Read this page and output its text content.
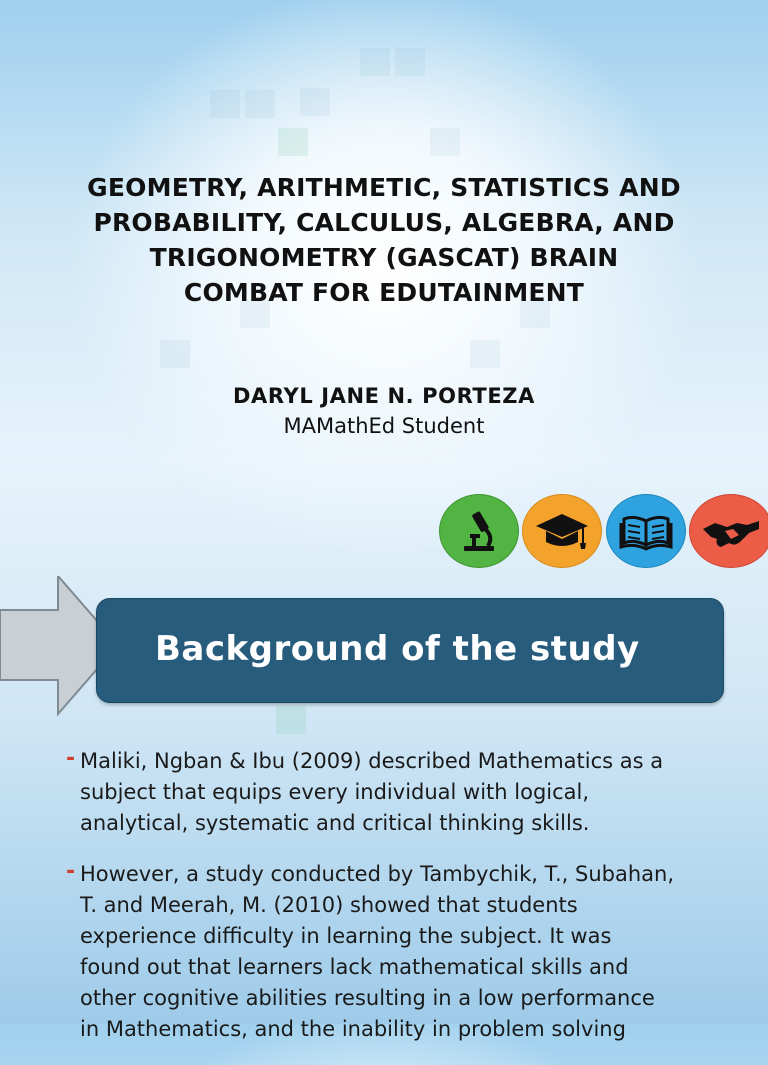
GEOMETRY, ARITHMETIC, STATISTICS AND
PROBABILITY, CALCULUS, ALGEBRA, AND
TRIGONOMETRY (GASCAT) BRAIN
COMBAT FOR EDUTAINMENT
DARYL JANE N. PORTEZA
MAMathEd Student
Background of the study
- Maliki, Ngban & Ibu (2009) described Mathematics as a
subject that equips every individual with logical,
analytical, systematic and critical thinking skills.
- However, a study conducted by Tambychik, T., Subahan,
T. and Meerah, M. (2010) showed that students
experience difficulty in learning the subject. It was
found out that learners lack mathematical skills and
other cognitive abilities resulting in a low performance
in Mathematics, and the inability in problem solving
